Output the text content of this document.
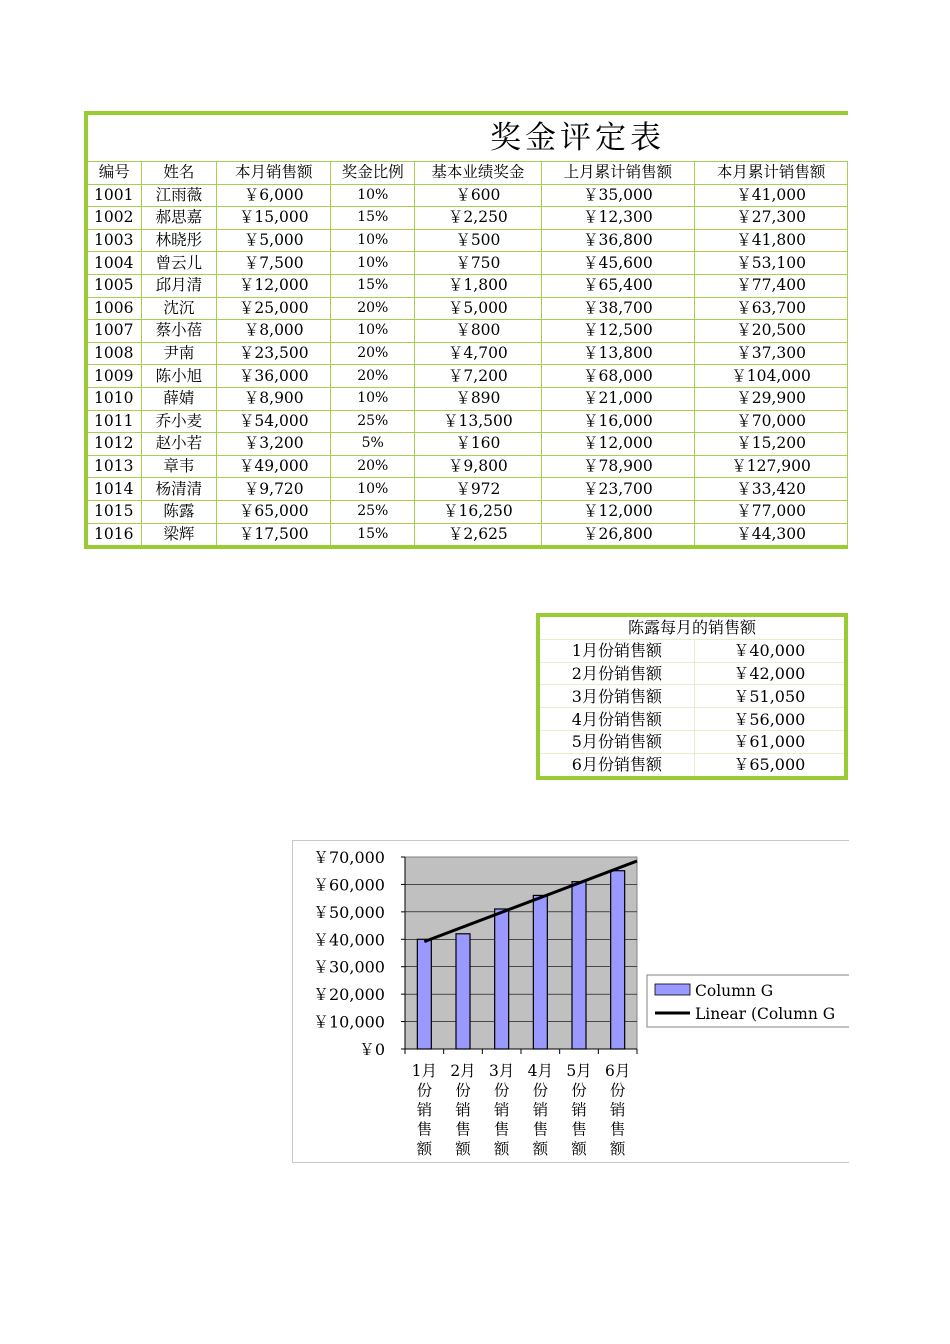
奖金评定表						
编号	姓名	本月销售额	奖金比例	基本业绩奖金	上月累计销售额	本月累计销售额
1001	江雨薇	￥6,000	10%	￥600	￥35,000	￥41,000
1002	郝思嘉	￥15,000	15%	￥2,250	￥12,300	￥27,300
1003	林晓彤	￥5,000	10%	￥500	￥36,800	￥41,800
1004	曾云儿	￥7,500	10%	￥750	￥45,600	￥53,100
1005	邱月清	￥12,000	15%	￥1,800	￥65,400	￥77,400
1006	沈沉	￥25,000	20%	￥5,000	￥38,700	￥63,700
1007	蔡小蓓	￥8,000	10%	￥800	￥12,500	￥20,500
1008	尹南	￥23,500	20%	￥4,700	￥13,800	￥37,300
1009	陈小旭	￥36,000	20%	￥7,200	￥68,000	￥104,000
1010	薛婧	￥8,900	10%	￥890	￥21,000	￥29,900
1011	乔小麦	￥54,000	25%	￥13,500	￥16,000	￥70,000
1012	赵小若	￥3,200	5%	￥160	￥12,000	￥15,200
1013	章韦	￥49,000	20%	￥9,800	￥78,900	￥127,900
1014	杨清清	￥9,720	10%	￥972	￥23,700	￥33,420
1015	陈露	￥65,000	25%	￥16,250	￥12,000	￥77,000
1016	梁辉	￥17,500	15%	￥2,625	￥26,800	￥44,300
陈露每月的销售额	
1月份销售额	￥40,000
2月份销售额	￥42,000
3月份销售额	￥51,050
4月份销售额	￥56,000
5月份销售额	￥61,000
6月份销售额	￥65,000
￥0
￥10,000
￥20,000
￥30,000
￥40,000
￥50,000
￥60,000
￥70,000
1月份销售额
2月份销售额
3月份销售额
4月份销售额
5月份销售额
6月份销售额
Column G
Linear (Column G
